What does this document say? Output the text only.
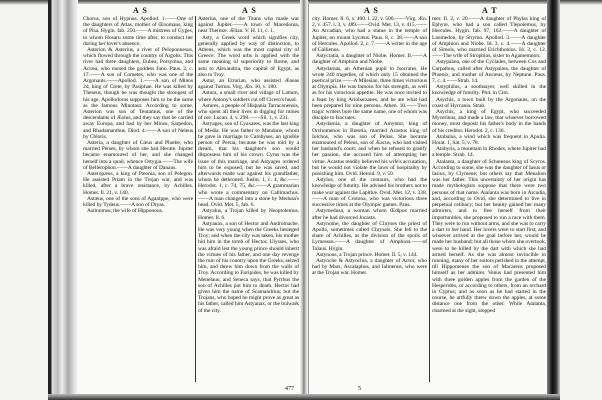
A S	A S	A S	A T

Chorus, son of Hypnus. Apollod. 1.——One of the daughters of Atlas, mother of Œnomaus, king of Pisa. Hygin. fab. 250.——A mistress of Gyges, to whom Hosaru some time after, to conduct her during her lover's absence.

Asterion & Asterius, a river of Peloponnesus, which flowed through the country of Argolis. This river had three daughters, Eubea, Porsymna, and Acræa, who nursed the goddess Juno. Paus. 2, c. 17.——A son of Cometes, who was one of the Argonauts.——Apollod. 1.——A son of Minos 2d, king of Crete, by Pasiphae. He was killed by Theseus, though he was thought the strongest of his age. Apollodorus supposes him to be the same as the famous Minotaur. According to some, Asterion was son of Teutamus, one of the descendants of Æolus, and they say that he carried away Europa, and had by her Minos, Sarpedon, and Rhadamanthus. Diod. 4.——A son of Neleus by Chloris.

Asteria, a daughter of Cœus and Phœbe, who married Perses, by whom she had Hecate. Jupiter became enamoured of her, and she changed herself into a quail, whence Ortygia.——The wife of Bellerophon.——A daughter of Danaus.

Asteropæus, a king of Pæonia, son of Pelegon. He assisted Priam in the Trojan war, and was killed, after a brave resistance, by Achilles. Homer. Il. 21, v. 140.

Astæus, one of the sons of Aganippe, who were killed by Tydeus.——A son of Dryas.

Astinomus, the wife of Hipponous.

Asterius, one of the Titans who made war against Jupiter.——A town of Macedonia, near Thermæ. Ælian. V. H. 11, c. 1.

Asty, a Greek word which signifies city, generally applied by way of distinction, to Athens, which was the most capital city of Greece. The word urbs is applied with the same meaning of superiority to Rome, and astu to Alexandria, the capital of Egypt, as also to Troy.

Astur, an Etrurian, who assisted Æneas against Turnus. Virg. Æn. 10, v. 180.

Astura, a small river and village of Latium, where Antony's soldiers cut off Cicero's head.

Astures, a people of Hispania Tarraconensis, who spent all their lives in digging for mines of ore. Lucan. 4, v. 298.——Sil. 1, v. 231.

Astyages, son of Cyaxares, was the last king of Media. He was father to Mandane, whom he gave in marriage to Cambyses, an ignoble person of Persia, because he was told by a dream, that his daughter's son would dispossess him of his crown. Cyrus was the issue of this marriage, and Astyages ordered him to be exposed, but he was saved, and afterwards made war against his grandfather, whom he dethroned. Justin. 1, c. 4, &c.——Herodot. 1, c. 74, 75, &c.——A grammarian who wrote a commentary on Callimachus.——A man changed into a stone by Medusa's head. Ovid. Met. 5, fab. 6.

Astyalus, a Trojan killed by Neoptolemus. Homer. Il. 6.

Astyanax, a son of Hector and Andromache. He was very young when the Greeks besieged Troy; and when the city was taken, his mother hid him in the tomb of Hector. Ulysses, who was afraid lest the young prince should inherit the virtues of his father, and one day revenge the ruin of his country upon the Greeks, seized him, and threw him down from the walls of Troy. According to Euripides, he was killed by Menelaus; and Seneca says, that Pyrrhus the son of Achilles put him to death. Hector had given him the name of Scamandrius; but the Trojans, who hoped he might prove as great as his father, called him Astyanax, or the bulwark of the city.

city. Homer. Il. 6, v. 400. l. 22, v. 500.——Virg. Æn. 2, v. 457. l. 3, v. 489.——Ovid. Met. 13, v. 415.——An Arcadian, who had a statue in the temple of Jupiter, on mount Lycæus. Paus. 8, c. 38.——A son of Hercules. Apollod. 2, c. 7.——A writer in the age of Gallienus.

Astycratia, a daughter of Niobe. Homer. Il.——A daughter of Amphion and Niobe.

Astydamas, an Athenian pupil to Isocrates. He wrote 240 tragedies, of which only 15 obtained the poetical prize.——A Milesian, three times victorious at Olympia. He was famous for his strength, as well as for his voracious appetite. He was once invited to a feast by king Ariobarzanes, and he ate what had been prepared for nine persons. Athen. 10.——Two tragic writers bore the same name, one of whom was disciple to Isocrates.

Astydamia, a daughter of Amyntor, king of Orchomenos in Bœotia, married Acastus king of Iolchos, who was son of Pelias. She became enamoured of Peleus, son of Æacus, who had visited her husband's court; and when he refused to gratify her passion, she accused him of attempting her virtue. Acastus readily believed his wife's accusation, but he would not violate the laws of hospitality by punishing him. Ovid. Heroid. 9, v. 50.

Astylus, one of the centaurs, who had the knowledge of futurity. He advised his brothers not to make war against the Lapithæ. Ovid. Met. 12, v. 338.——A man of Crotona, who was victorious three successive times at the Olympic games. Paus.

Astymedusa, a woman whom Œdipus married after he had divorced Jocasta.

Astynome, the daughter of Chryses the priest of Apollo, sometimes called Chryseis. She fell to the share of Achilles, at the division of the spoils of Lyrnessus.——A daughter of Amphion.——of Talaus. Hygin.

Astynous, a Trojan prince. Homer. Il. 5, v. 144.

Astyoche & Astyochia, a daughter of Actor, who had by Mars, Ascalaphus, and Ialmenus, who were at the Trojan war. Homer.

mer. Il. 2, v. 20.——A daughter of Phylas king of Ephyre, who had a son called Tlepolemus, by Hercules. Hygin. fab. 97, 162.——A daughter of Laomedon, by Strymo. Apollod. 3.——A daughter of Amphion and Niobe. Id. 3, c. 4.——A daughter of Simois, who married Erichthonius. Id. 3, c. 12.——The wife of Strophius, sister to Agamemnon.

Astypalæa, one of the Cyclades, between Cos and Carpathus, called after Astypalæa, the daughter of Phœnix, and mother of Ancæus, by Neptune. Paus. 7, c. 4.——Strab. 14.

Astyphilus, a soothsayer, well skilled in the knowledge of futurity. Plut. in Cim.

Asychis, a town built by the Argonauts, on the coast of Hyrcania. Strab.

Asychis, a king of Egypt, who succeeded Mycerinus, and made a law, that whoever borrowed money, must deposit his father's body in the hands of his creditor. Herodot. 2, c. 136.

Atabulus, a wind which was frequent in Apulia. Horat. 1, Sat. 5, v. 78.

Atabyris, a mountain in Rhodes, where Jupiter had a temple. Strab. 14.

Atalanta, a daughter of Schœneus king of Scyros. According to some, she was the daughter of Iasus or Iasius, by Clymene; but others say that Menalion was her father. This uncertainty of her origin has made mythologists suppose that there were two persons of that name. Atalanta was born in Arcadia, and, according to Ovid, she determined to live in perpetual celibacy; but her beauty gained her many admirers, and to free herself from their importunities, she proposed to run a race with them. They were to run without arms, and she was to carry a dart in her hand. Her lovers were to start first, and whoever arrived at the goal before her, would be made her husband; but all those whom she overtook, were to be killed by the dart with which she had armed herself. As she was almost invincible in running, many of her suitors perished in the attempt, till Hippomenes the son of Macareus proposed himself as her admirer. Venus had presented him with three golden apples from the garden of the Hesperides, or according to others, from an orchard in Cyprus; and as soon as he had started in the course, he artfully threw down the apples, at some distance one from the other. While Atalanta, charmed at the sight, stopped

477	5
